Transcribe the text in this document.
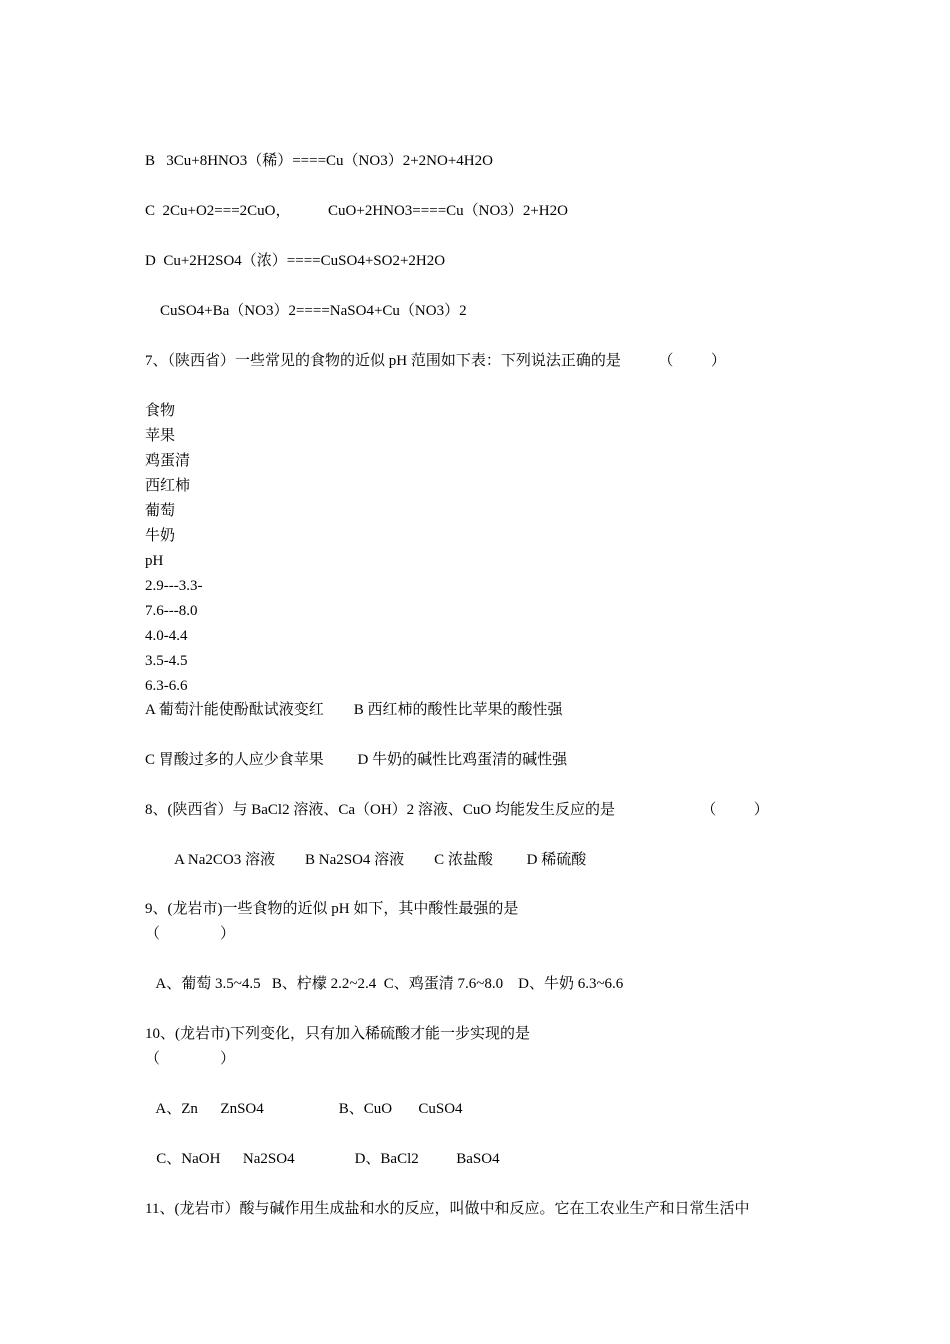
B   3Cu+8HNO3（稀）====Cu（NO3）2+2NO+4H2O
C  2Cu+O2===2CuO，          CuO+2HNO3====Cu（NO3）2+H2O
D  Cu+2H2SO4（浓）====CuSO4+SO2+2H2O
CuSO4+Ba（NO3）2====NaSO4+Cu（NO3）2
7、（陕西省）一些常见的食物的近似 pH 范围如下表：下列说法正确的是          （          ）
食物
苹果
鸡蛋清
西红柿
葡萄
牛奶
pH
2.9---3.3-
7.6---8.0
4.0-4.4
3.5-4.5
6.3-6.6
A 葡萄汁能使酚酞试液变红        B 西红柿的酸性比苹果的酸性强
C 胃酸过多的人应少食苹果         D 牛奶的碱性比鸡蛋清的碱性强
8、(陕西省）与 BaCl2 溶液、Ca（OH）2 溶液、CuO 均能发生反应的是                       （          ）
A Na2CO3 溶液        B Na2SO4 溶液        C 浓盐酸         D 稀硫酸
9、(龙岩市)一些食物的近似 pH 如下，其中酸性最强的是
（                ）
A、葡萄 3.5~4.5   B、柠檬 2.2~2.4  C、鸡蛋清 7.6~8.0    D、牛奶 6.3~6.6
10、(龙岩市)下列变化，只有加入稀硫酸才能一步实现的是
（                ）
A、Zn      ZnSO4                    B、CuO       CuSO4
C、NaOH      Na2SO4                D、BaCl2          BaSO4
11、(龙岩市）酸与碱作用生成盐和水的反应，叫做中和反应。它在工农业生产和日常生活中
